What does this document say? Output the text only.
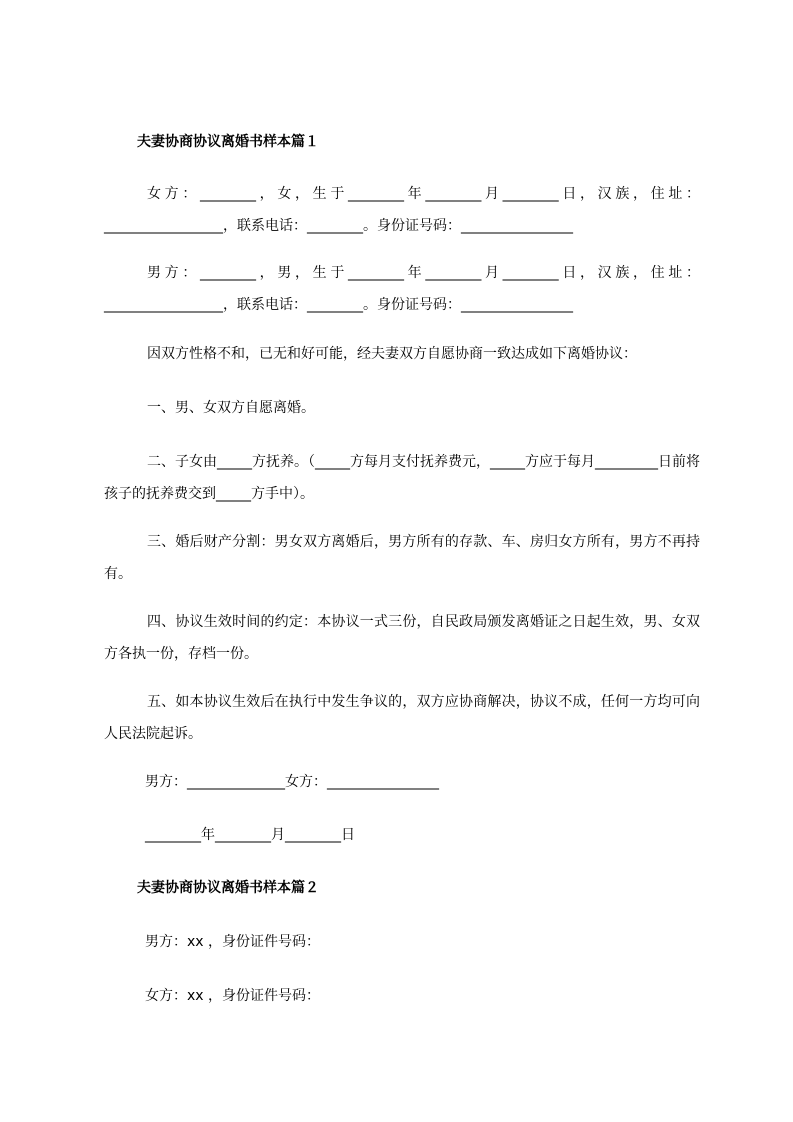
夫妻协商协议离婚书样本篇１
女方：________，女，生于________年________月________日，汉族，住址：_________________，联系电话：________。身份证号码：________________
男方：________，男，生于________年________月________日，汉族，住址：_________________，联系电话：________。身份证号码：________________
因双方性格不和，已无和好可能，经夫妻双方自愿协商一致达成如下离婚协议：
一、男、女双方自愿离婚。
二、子女由_____方抚养。（_____方每月支付抚养费元，_____方应于每月_________日前将孩子的抚养费交到_____方手中）。
三、婚后财产分割：男女双方离婚后，男方所有的存款、车、房归女方所有，男方不再持有。
四、协议生效时间的约定：本协议一式三份，自民政局颁发离婚证之日起生效，男、女双方各执一份，存档一份。
五、如本协议生效后在执行中发生争议的，双方应协商解决，协议不成，任何一方均可向人民法院起诉。
男方：______________女方：________________
________年________月________日
夫妻协商协议离婚书样本篇２
男方：xx ，身份证件号码：
女方：xx ，身份证件号码：
